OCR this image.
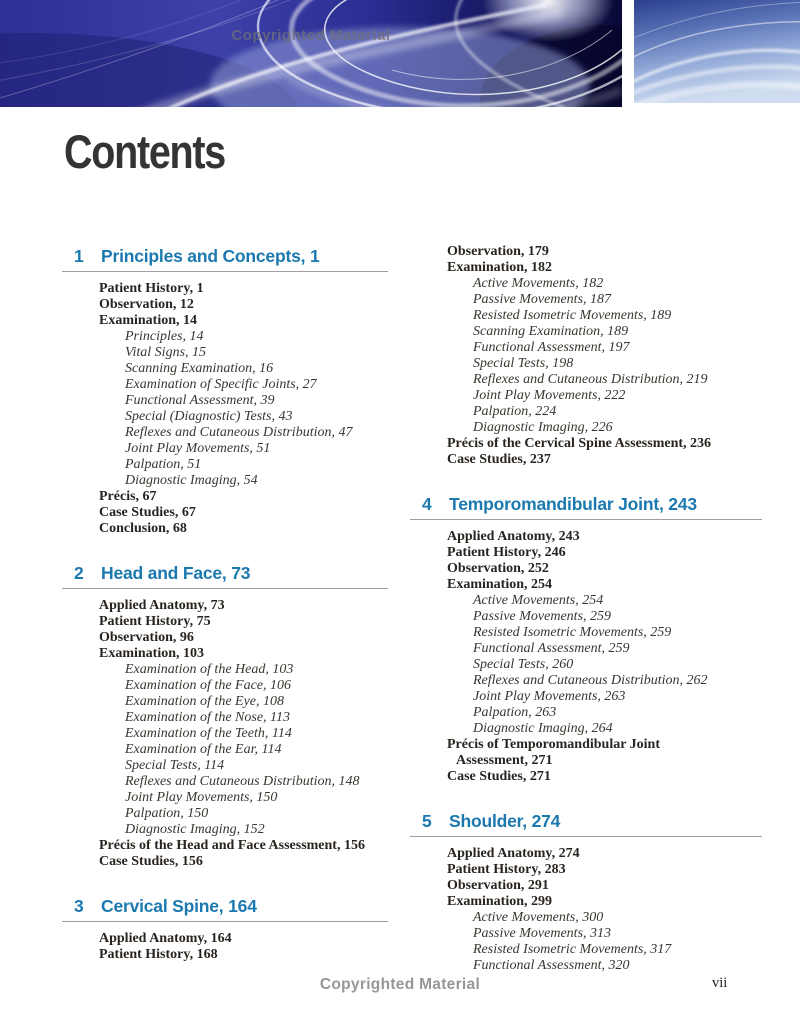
Copyrighted Material
Contents
1 Principles and Concepts, 1
Patient History, 1
Observation, 12
Examination, 14
Principles, 14
Vital Signs, 15
Scanning Examination, 16
Examination of Specific Joints, 27
Functional Assessment, 39
Special (Diagnostic) Tests, 43
Reflexes and Cutaneous Distribution, 47
Joint Play Movements, 51
Palpation, 51
Diagnostic Imaging, 54
Précis, 67
Case Studies, 67
Conclusion, 68
2 Head and Face, 73
Applied Anatomy, 73
Patient History, 75
Observation, 96
Examination, 103
Examination of the Head, 103
Examination of the Face, 106
Examination of the Eye, 108
Examination of the Nose, 113
Examination of the Teeth, 114
Examination of the Ear, 114
Special Tests, 114
Reflexes and Cutaneous Distribution, 148
Joint Play Movements, 150
Palpation, 150
Diagnostic Imaging, 152
Précis of the Head and Face Assessment, 156
Case Studies, 156
3 Cervical Spine, 164
Applied Anatomy, 164
Patient History, 168
Observation, 179
Examination, 182
Active Movements, 182
Passive Movements, 187
Resisted Isometric Movements, 189
Scanning Examination, 189
Functional Assessment, 197
Special Tests, 198
Reflexes and Cutaneous Distribution, 219
Joint Play Movements, 222
Palpation, 224
Diagnostic Imaging, 226
Précis of the Cervical Spine Assessment, 236
Case Studies, 237
4 Temporomandibular Joint, 243
Applied Anatomy, 243
Patient History, 246
Observation, 252
Examination, 254
Active Movements, 254
Passive Movements, 259
Resisted Isometric Movements, 259
Functional Assessment, 259
Special Tests, 260
Reflexes and Cutaneous Distribution, 262
Joint Play Movements, 263
Palpation, 263
Diagnostic Imaging, 264
Précis of Temporomandibular Joint
Assessment, 271
Case Studies, 271
5 Shoulder, 274
Applied Anatomy, 274
Patient History, 283
Observation, 291
Examination, 299
Active Movements, 300
Passive Movements, 313
Resisted Isometric Movements, 317
Functional Assessment, 320
Copyrighted Material	vii
